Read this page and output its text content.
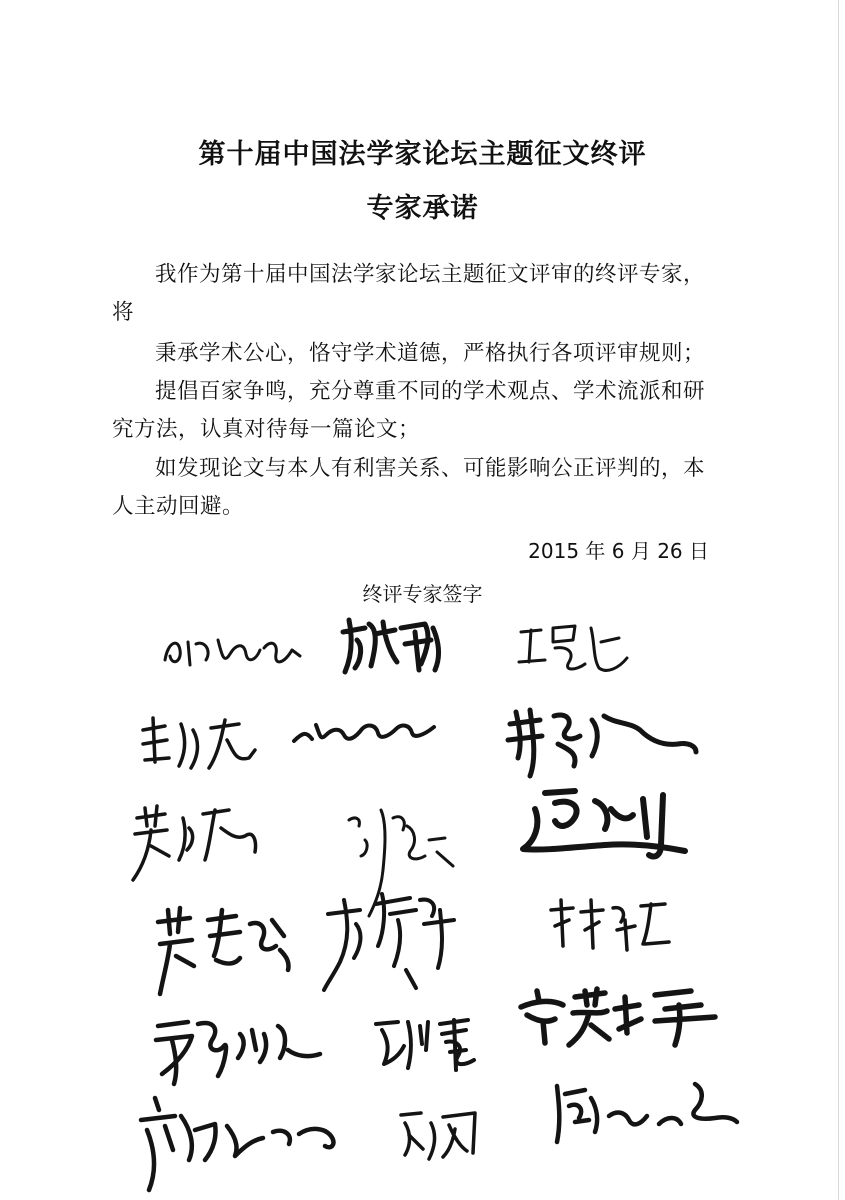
第十届中国法学家论坛主题征文终评
专家承诺

我作为第十届中国法学家论坛主题征文评审的终评专家，将

秉承学术公心，恪守学术道德，严格执行各项评审规则；

提倡百家争鸣，充分尊重不同的学术观点、学术流派和研究方法，认真对待每一篇论文；

如发现论文与本人有利害关系、可能影响公正评判的，本人主动回避。

2015 年 6 月 26 日

终评专家签字
